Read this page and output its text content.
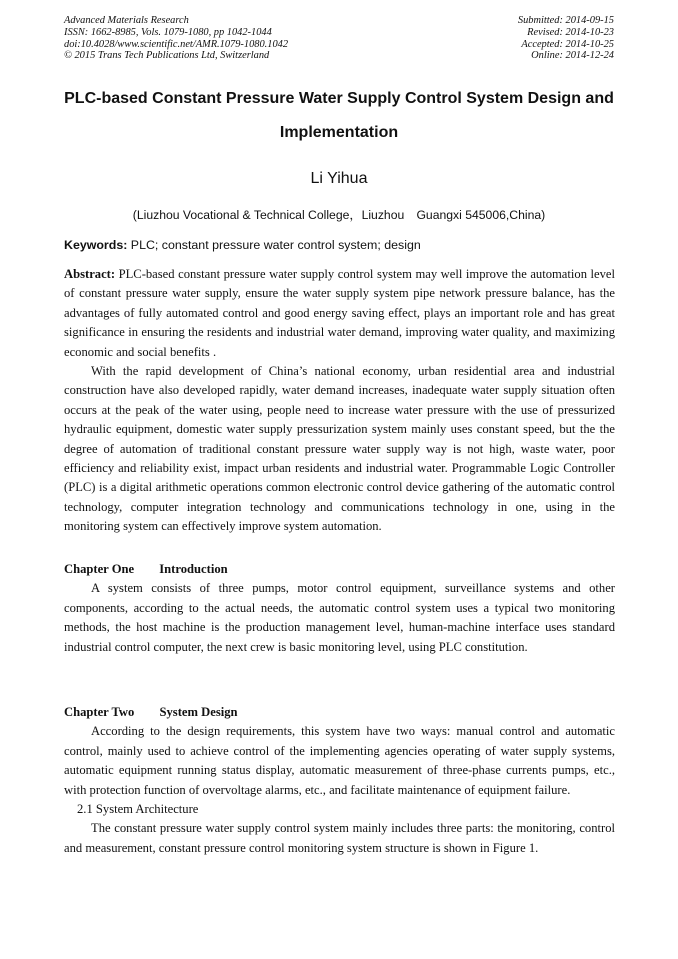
Advanced Materials Research
ISSN: 1662-8985, Vols. 1079-1080, pp 1042-1044
doi:10.4028/www.scientific.net/AMR.1079-1080.1042
© 2015 Trans Tech Publications Ltd, Switzerland
Submitted: 2014-09-15
Revised: 2014-10-23
Accepted: 2014-10-25
Online: 2014-12-24
PLC-based Constant Pressure Water Supply Control System Design and
Implementation
Li Yihua
(Liuzhou Vocational & Technical College，Liuzhou　Guangxi 545006,China)
Keywords: PLC; constant pressure water control system; design

Abstract: PLC-based constant pressure water supply control system may well improve the automation level of constant pressure water supply, ensure the water supply system pipe network pressure balance, has the advantages of fully automated control and good energy saving effect, plays an important role and has great significance in ensuring the residents and industrial water demand, improving water quality, and maximizing economic and social benefits .

With the rapid development of China’s national economy, urban residential area and industrial construction have also developed rapidly, water demand increases, inadequate water supply situation often occurs at the peak of the water using, people need to increase water pressure with the use of pressurized hydraulic equipment, domestic water supply pressurization system mainly uses constant speed, but the the degree of automation of traditional constant pressure water supply way is not high, waste water, poor efficiency and reliability exist, impact urban residents and industrial water. Programmable Logic Controller (PLC) is a digital arithmetic operations common electronic control device gathering of the automatic control technology, computer integration technology and communications technology in one, using in the monitoring system can effectively improve system automation.

Chapter One　　Introduction

A system consists of three pumps, motor control equipment, surveillance systems and other components, according to the actual needs, the automatic control system uses a typical two monitoring methods, the host machine is the production management level, human-machine interface uses standard industrial control computer, the next crew is basic monitoring level, using PLC constitution.

Chapter Two　　System Design

According to the design requirements, this system have two ways: manual control and automatic control, mainly used to achieve control of the implementing agencies operating of water supply systems, automatic equipment running status display, automatic measurement of three-phase currents pumps, etc., with protection function of overvoltage alarms, etc., and facilitate maintenance of equipment failure.

2.1 System Architecture

The constant pressure water supply control system mainly includes three parts: the monitoring, control and measurement, constant pressure control monitoring system structure is shown in Figure 1.
